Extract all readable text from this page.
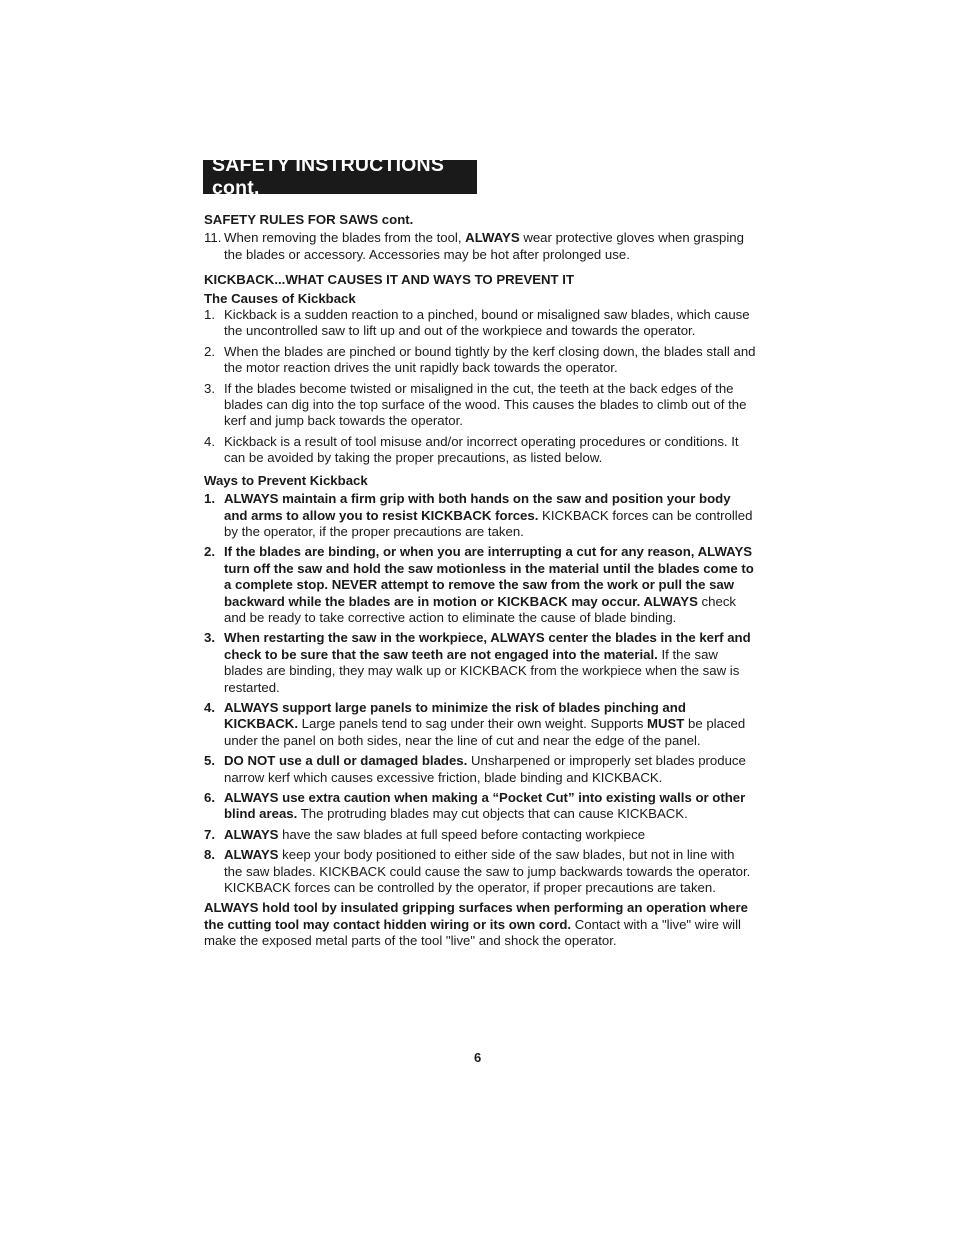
SAFETY INSTRUCTIONS cont.

SAFETY RULES FOR SAWS cont.

11. When removing the blades from the tool, ALWAYS wear protective gloves when grasping the blades or accessory. Accessories may be hot after prolonged use.

KICKBACK...WHAT CAUSES IT AND WAYS TO PREVENT IT

The Causes of Kickback

1. Kickback is a sudden reaction to a pinched, bound or misaligned saw blades, which cause the uncontrolled saw to lift up and out of the workpiece and towards the operator.
2. When the blades are pinched or bound tightly by the kerf closing down, the blades stall and the motor reaction drives the unit rapidly back towards the operator.
3. If the blades become twisted or misaligned in the cut, the teeth at the back edges of the blades can dig into the top surface of the wood. This causes the blades to climb out of the kerf and jump back towards the operator.
4. Kickback is a result of tool misuse and/or incorrect operating procedures or conditions. It can be avoided by taking the proper precautions, as listed below.

Ways to Prevent Kickback

1. ALWAYS maintain a firm grip with both hands on the saw and position your body and arms to allow you to resist KICKBACK forces. KICKBACK forces can be controlled by the operator, if the proper precautions are taken.
2. If the blades are binding, or when you are interrupting a cut for any reason, ALWAYS turn off the saw and hold the saw motionless in the material until the blades come to a complete stop. NEVER attempt to remove the saw from the work or pull the saw backward while the blades are in motion or KICKBACK may occur. ALWAYS check and be ready to take corrective action to eliminate the cause of blade binding.
3. When restarting the saw in the workpiece, ALWAYS center the blades in the kerf and check to be sure that the saw teeth are not engaged into the material. If the saw blades are binding, they may walk up or KICKBACK from the workpiece when the saw is restarted.
4. ALWAYS support large panels to minimize the risk of blades pinching and KICKBACK. Large panels tend to sag under their own weight. Supports MUST be placed under the panel on both sides, near the line of cut and near the edge of the panel.
5. DO NOT use a dull or damaged blades. Unsharpened or improperly set blades produce narrow kerf which causes excessive friction, blade binding and KICKBACK.
6. ALWAYS use extra caution when making a “Pocket Cut” into existing walls or other blind areas. The protruding blades may cut objects that can cause KICKBACK.
7. ALWAYS have the saw blades at full speed before contacting workpiece
8. ALWAYS keep your body positioned to either side of the saw blades, but not in line with the saw blades. KICKBACK could cause the saw to jump backwards towards the operator. KICKBACK forces can be controlled by the operator, if proper precautions are taken.

ALWAYS hold tool by insulated gripping surfaces when performing an operation where the cutting tool may contact hidden wiring or its own cord. Contact with a "live" wire will make the exposed metal parts of the tool "live" and shock the operator.

6
